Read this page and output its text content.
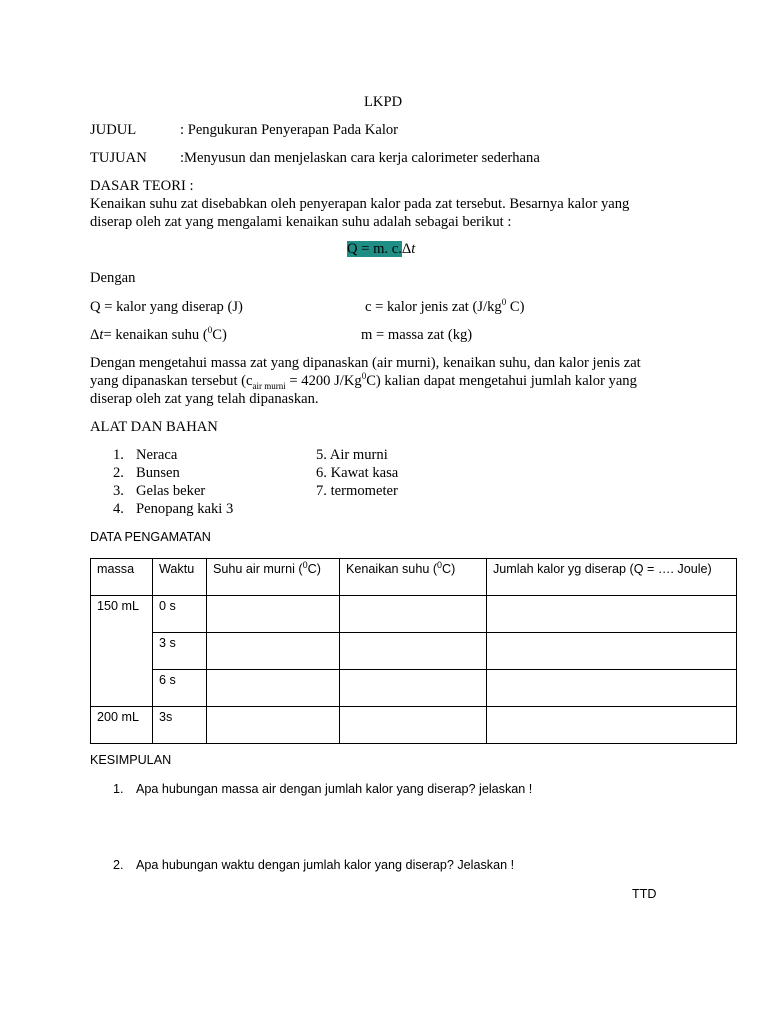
LKPD
JUDUL	: Pengukuran Penyerapan Pada Kalor
TUJUAN :Menyusun dan menjelaskan cara kerja calorimeter sederhana
DASAR TEORI :
Kenaikan suhu zat disebabkan oleh penyerapan kalor pada zat tersebut. Besarnya kalor yang
diserap oleh zat yang mengalami kenaikan suhu adalah sebagai berikut :
Q = m. c.Δt
Dengan
Q = kalor yang diserap (J)	c = kalor jenis zat ($J/kg^0$ C)
Δt= kenaikan suhu ($^0$C)	m = massa zat (kg)
Dengan mengetahui massa zat yang dipanaskan (air murni), kenaikan suhu, dan kalor jenis zat
yang dipanaskan tersebut ($c_{air murni} = 4200$ J/Kg$^0$C) kalian dapat mengetahui jumlah kalor yang
diserap oleh zat yang telah dipanaskan.
ALAT DAN BAHAN
1. Neraca
2. Bunsen
3. Gelas beker
4. Penopang kaki 3
5. Air murni
6. Kawat kasa
7. termometer
DATA PENGAMATAN
massa	Waktu	Suhu air murni ($^0$C)	Kenaikan suhu ($^0$C)	Jumlah kalor yg diserap (Q = …. Joule)
150 mL	0 s			
	3 s			
	6 s			
200 mL	3s			
KESIMPULAN
1. Apa hubungan massa air dengan jumlah kalor yang diserap? jelaskan !
2. Apa hubungan waktu dengan jumlah kalor yang diserap? Jelaskan !
TTD
